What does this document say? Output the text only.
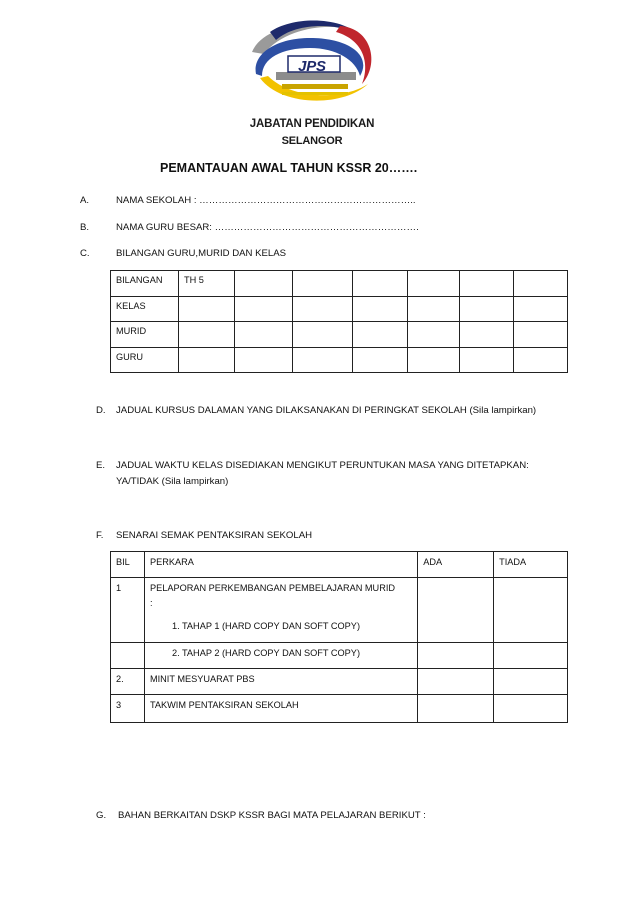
JPS
JABATAN PENDIDIKAN
SELANGOR
PEMANTAUAN AWAL TAHUN KSSR 20…….
A.	NAMA SEKOLAH : …………………………………………………………..
B.	NAMA GURU BESAR: ……………………………………………………….
C.	BILANGAN GURU,MURID DAN KELAS
BILANGAN	TH 5						
KELAS							
MURID							
GURU							
D. JADUAL KURSUS DALAMAN YANG DILAKSANAKAN DI PERINGKAT SEKOLAH (Sila lampirkan)
E. JADUAL WAKTU KELAS DISEDIAKAN MENGIKUT PERUNTUKAN MASA YANG DITETAPKAN:
YA/TIDAK (Sila lampirkan)
F. SENARAI SEMAK PENTAKSIRAN SEKOLAH
BIL	PERKARA	ADA	TIADA
1	PELAPORAN PERKEMBANGAN PEMBELAJARAN MURID
:
1. TAHAP 1 (HARD COPY DAN SOFT COPY)		

	2. TAHAP 2 (HARD COPY DAN SOFT COPY)		

2.	MINIT MESYUARAT PBS		
3	TAKWIM PENTAKSIRAN SEKOLAH		
G. BAHAN BERKAITAN DSKP KSSR BAGI MATA PELAJARAN BERIKUT :
